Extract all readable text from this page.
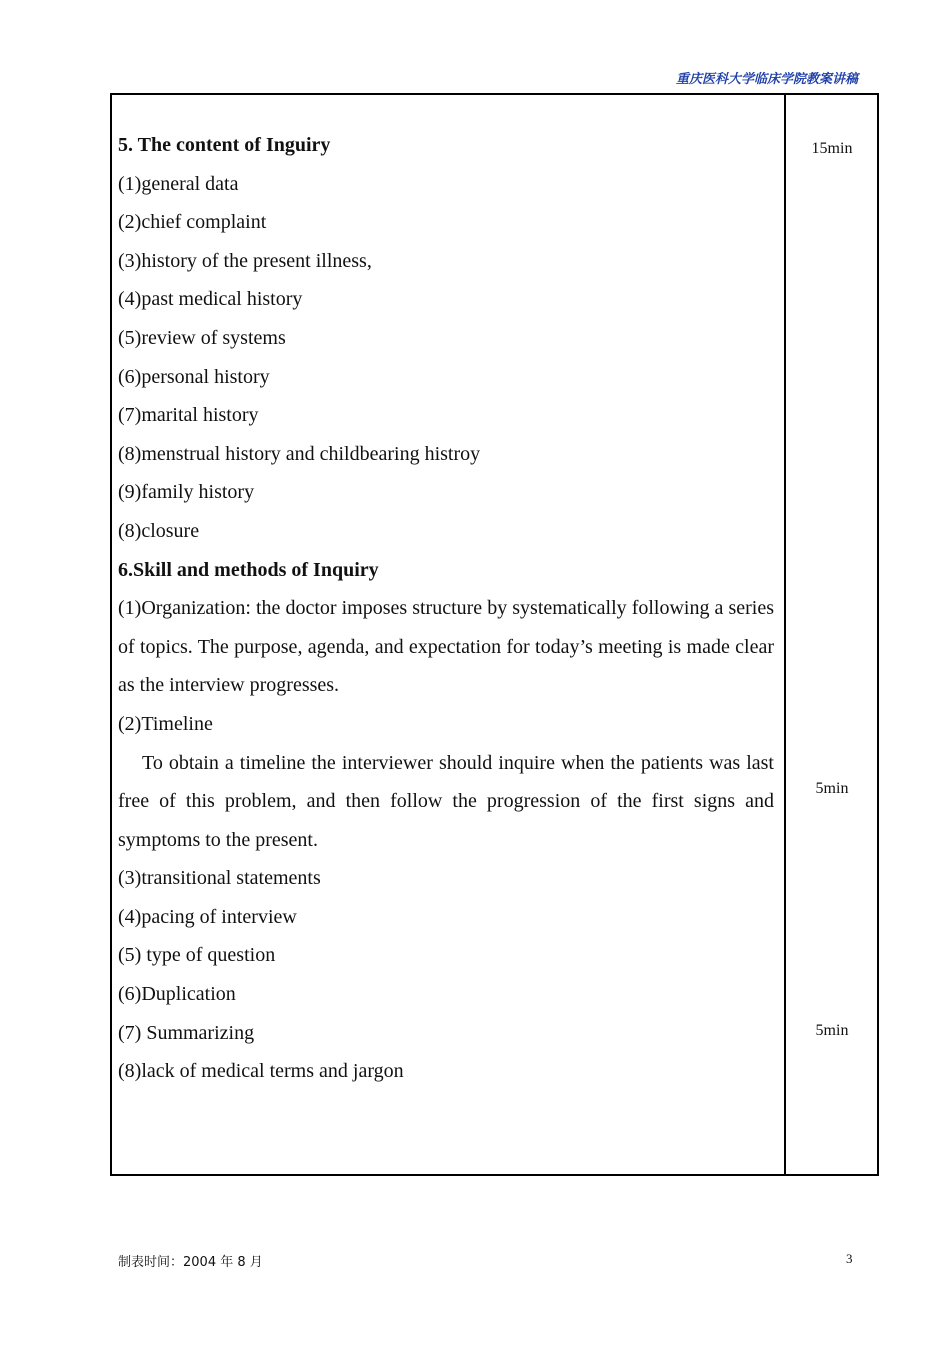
重庆医科大学临床学院教案讲稿
5. The content of Inguiry
(1)general data
(2)chief complaint
(3)history of the present illness,
(4)past medical history
(5)review of systems
(6)personal history
(7)marital history
(8)menstrual history and childbearing histroy
(9)family history
(8)closure
6.Skill and methods of Inquiry
(1)Organization: the doctor imposes structure by systematically following a series of topics. The purpose, agenda, and expectation for today’s meeting is made clear as the interview progresses.
(2)Timeline
To obtain a timeline the interviewer should inquire when the patients was last free of this problem, and then follow the progression of the first signs and symptoms to the present.
(3)transitional statements
(4)pacing of interview
(5) type of question
(6)Duplication
(7) Summarizing
(8)lack of medical terms and jargon
15min
5min
5min
制表时间：2004 年 8 月	3
